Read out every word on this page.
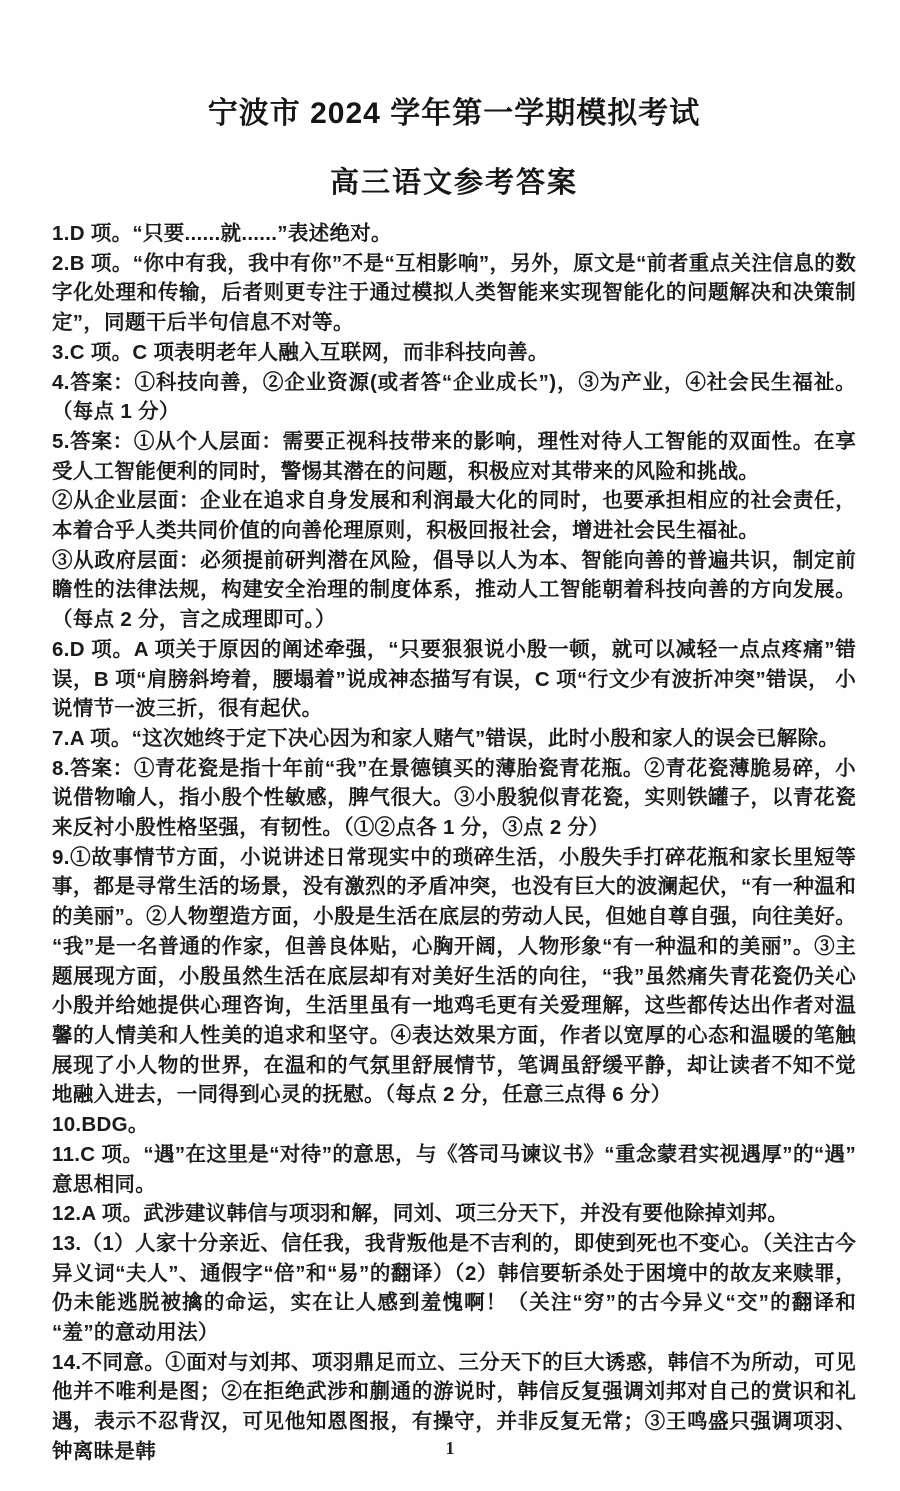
宁波市 2024 学年第一学期模拟考试
高三语文参考答案

1.D 项。“只要......就......”表述绝对。

2.B 项。“你中有我，我中有你”不是“互相影响”，另外，原文是“前者重点关注信息的数字化处理和传输，后者则更专注于通过模拟人类智能来实现智能化的问题解决和决策制定”，同题干后半句信息不对等。

3.C 项。C 项表明老年人融入互联网，而非科技向善。

4.答案：①科技向善，②企业资源(或者答“企业成长”)，③为产业，④社会民生福祉。（每点 1 分）

5.答案：①从个人层面：需要正视科技带来的影响，理性对待人工智能的双面性。在享受人工智能便利的同时，警惕其潜在的问题，积极应对其带来的风险和挑战。

②从企业层面：企业在追求自身发展和利润最大化的同时，也要承担相应的社会责任，本着合乎人类共同价值的向善伦理原则，积极回报社会，增进社会民生福祉。

③从政府层面：必须提前研判潜在风险，倡导以人为本、智能向善的普遍共识，制定前瞻性的法律法规，构建安全治理的制度体系，推动人工智能朝着科技向善的方向发展。（每点 2 分，言之成理即可。）

6.D 项。A 项关于原因的阐述牵强，“只要狠狠说小殷一顿，就可以减轻一点点疼痛”错误，B 项“肩膀斜垮着，腰塌着”说成神态描写有误，C 项“行文少有波折冲突”错误， 小说情节一波三折，很有起伏。

7.A 项。“这次她终于定下决心因为和家人赌气”错误，此时小殷和家人的误会已解除。

8.答案：①青花瓷是指十年前“我”在景德镇买的薄胎瓷青花瓶。②青花瓷薄脆易碎，小说借物喻人，指小殷个性敏感，脾气很大。③小殷貌似青花瓷，实则铁罐子，以青花瓷来反衬小殷性格坚强，有韧性。（①②点各 1 分，③点 2 分）

9.①故事情节方面，小说讲述日常现实中的琐碎生活，小殷失手打碎花瓶和家长里短等事，都是寻常生活的场景，没有激烈的矛盾冲突，也没有巨大的波澜起伏，“有一种温和的美丽”。②人物塑造方面，小殷是生活在底层的劳动人民，但她自尊自强，向往美好。“我”是一名普通的作家，但善良体贴，心胸开阔，人物形象“有一种温和的美丽”。③主题展现方面，小殷虽然生活在底层却有对美好生活的向往，“我”虽然痛失青花瓷仍关心小殷并给她提供心理咨询，生活里虽有一地鸡毛更有关爱理解，这些都传达出作者对温馨的人情美和人性美的追求和坚守。④表达效果方面，作者以宽厚的心态和温暖的笔触展现了小人物的世界，在温和的气氛里舒展情节，笔调虽舒缓平静，却让读者不知不觉地融入进去，一同得到心灵的抚慰。（每点 2 分，任意三点得 6 分）

10.BDG。

11.C 项。“遇”在这里是“对待”的意思，与《答司马谏议书》“重念蒙君实视遇厚”的“遇”意思相同。

12.A 项。武涉建议韩信与项羽和解，同刘、项三分天下，并没有要他除掉刘邦。

13.（1）人家十分亲近、信任我，我背叛他是不吉利的，即使到死也不变心。（关注古今异义词“夫人”、通假字“倍”和“易”的翻译）（2）韩信要斩杀处于困境中的故友来赎罪，仍未能逃脱被擒的命运，实在让人感到羞愧啊！（关注“穷”的古今异义“交”的翻译和“羞”的意动用法）

14.不同意。①面对与刘邦、项羽鼎足而立、三分天下的巨大诱惑，韩信不为所动，可见他并不唯利是图；②在拒绝武涉和蒯通的游说时，韩信反复强调刘邦对自己的赏识和礼遇，表示不忍背汉，可见他知恩图报，有操守，并非反复无常；③王鸣盛只强调项羽、钟离昧是韩	1
